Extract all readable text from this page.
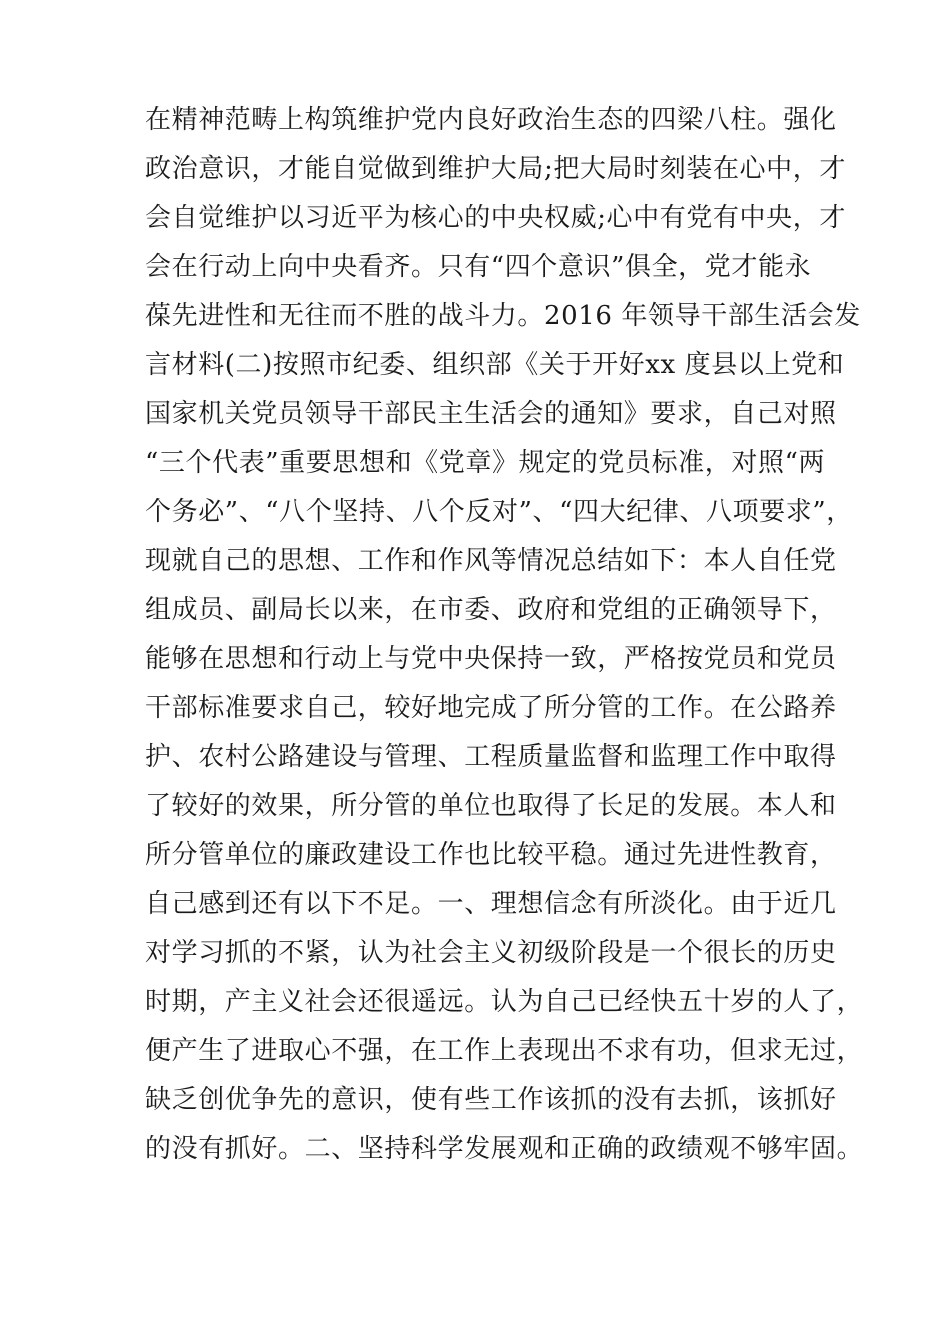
在精神范畴上构筑维护党内良好政治生态的四梁八柱。强化
政治意识，才能自觉做到维护大局;把大局时刻装在心中，才
会自觉维护以习近平为核心的中央权威;心中有党有中央，才
会在行动上向中央看齐。只有“四个意识”俱全，党才能永
葆先进性和无往而不胜的战斗力。2016 年领导干部生活会发
言材料(二)按照市纪委、组织部《关于开好xx 度县以上党和
国家机关党员领导干部民主生活会的通知》要求，自己对照
“三个代表”重要思想和《党章》规定的党员标准，对照“两
个务必”、“八个坚持、八个反对”、“四大纪律、八项要求”，
现就自己的思想、工作和作风等情况总结如下：本人自任党
组成员、副局长以来，在市委、政府和党组的正确领导下，
能够在思想和行动上与党中央保持一致，严格按党员和党员
干部标准要求自己，较好地完成了所分管的工作。在公路养
护、农村公路建设与管理、工程质量监督和监理工作中取得
了较好的效果，所分管的单位也取得了长足的发展。本人和
所分管单位的廉政建设工作也比较平稳。通过先进性教育，
自己感到还有以下不足。一、理想信念有所淡化。由于近几
对学习抓的不紧，认为社会主义初级阶段是一个很长的历史
时期，产主义社会还很遥远。认为自己已经快五十岁的人了，
便产生了进取心不强，在工作上表现出不求有功，但求无过，
缺乏创优争先的意识，使有些工作该抓的没有去抓，该抓好
的没有抓好。二、坚持科学发展观和正确的政绩观不够牢固。
